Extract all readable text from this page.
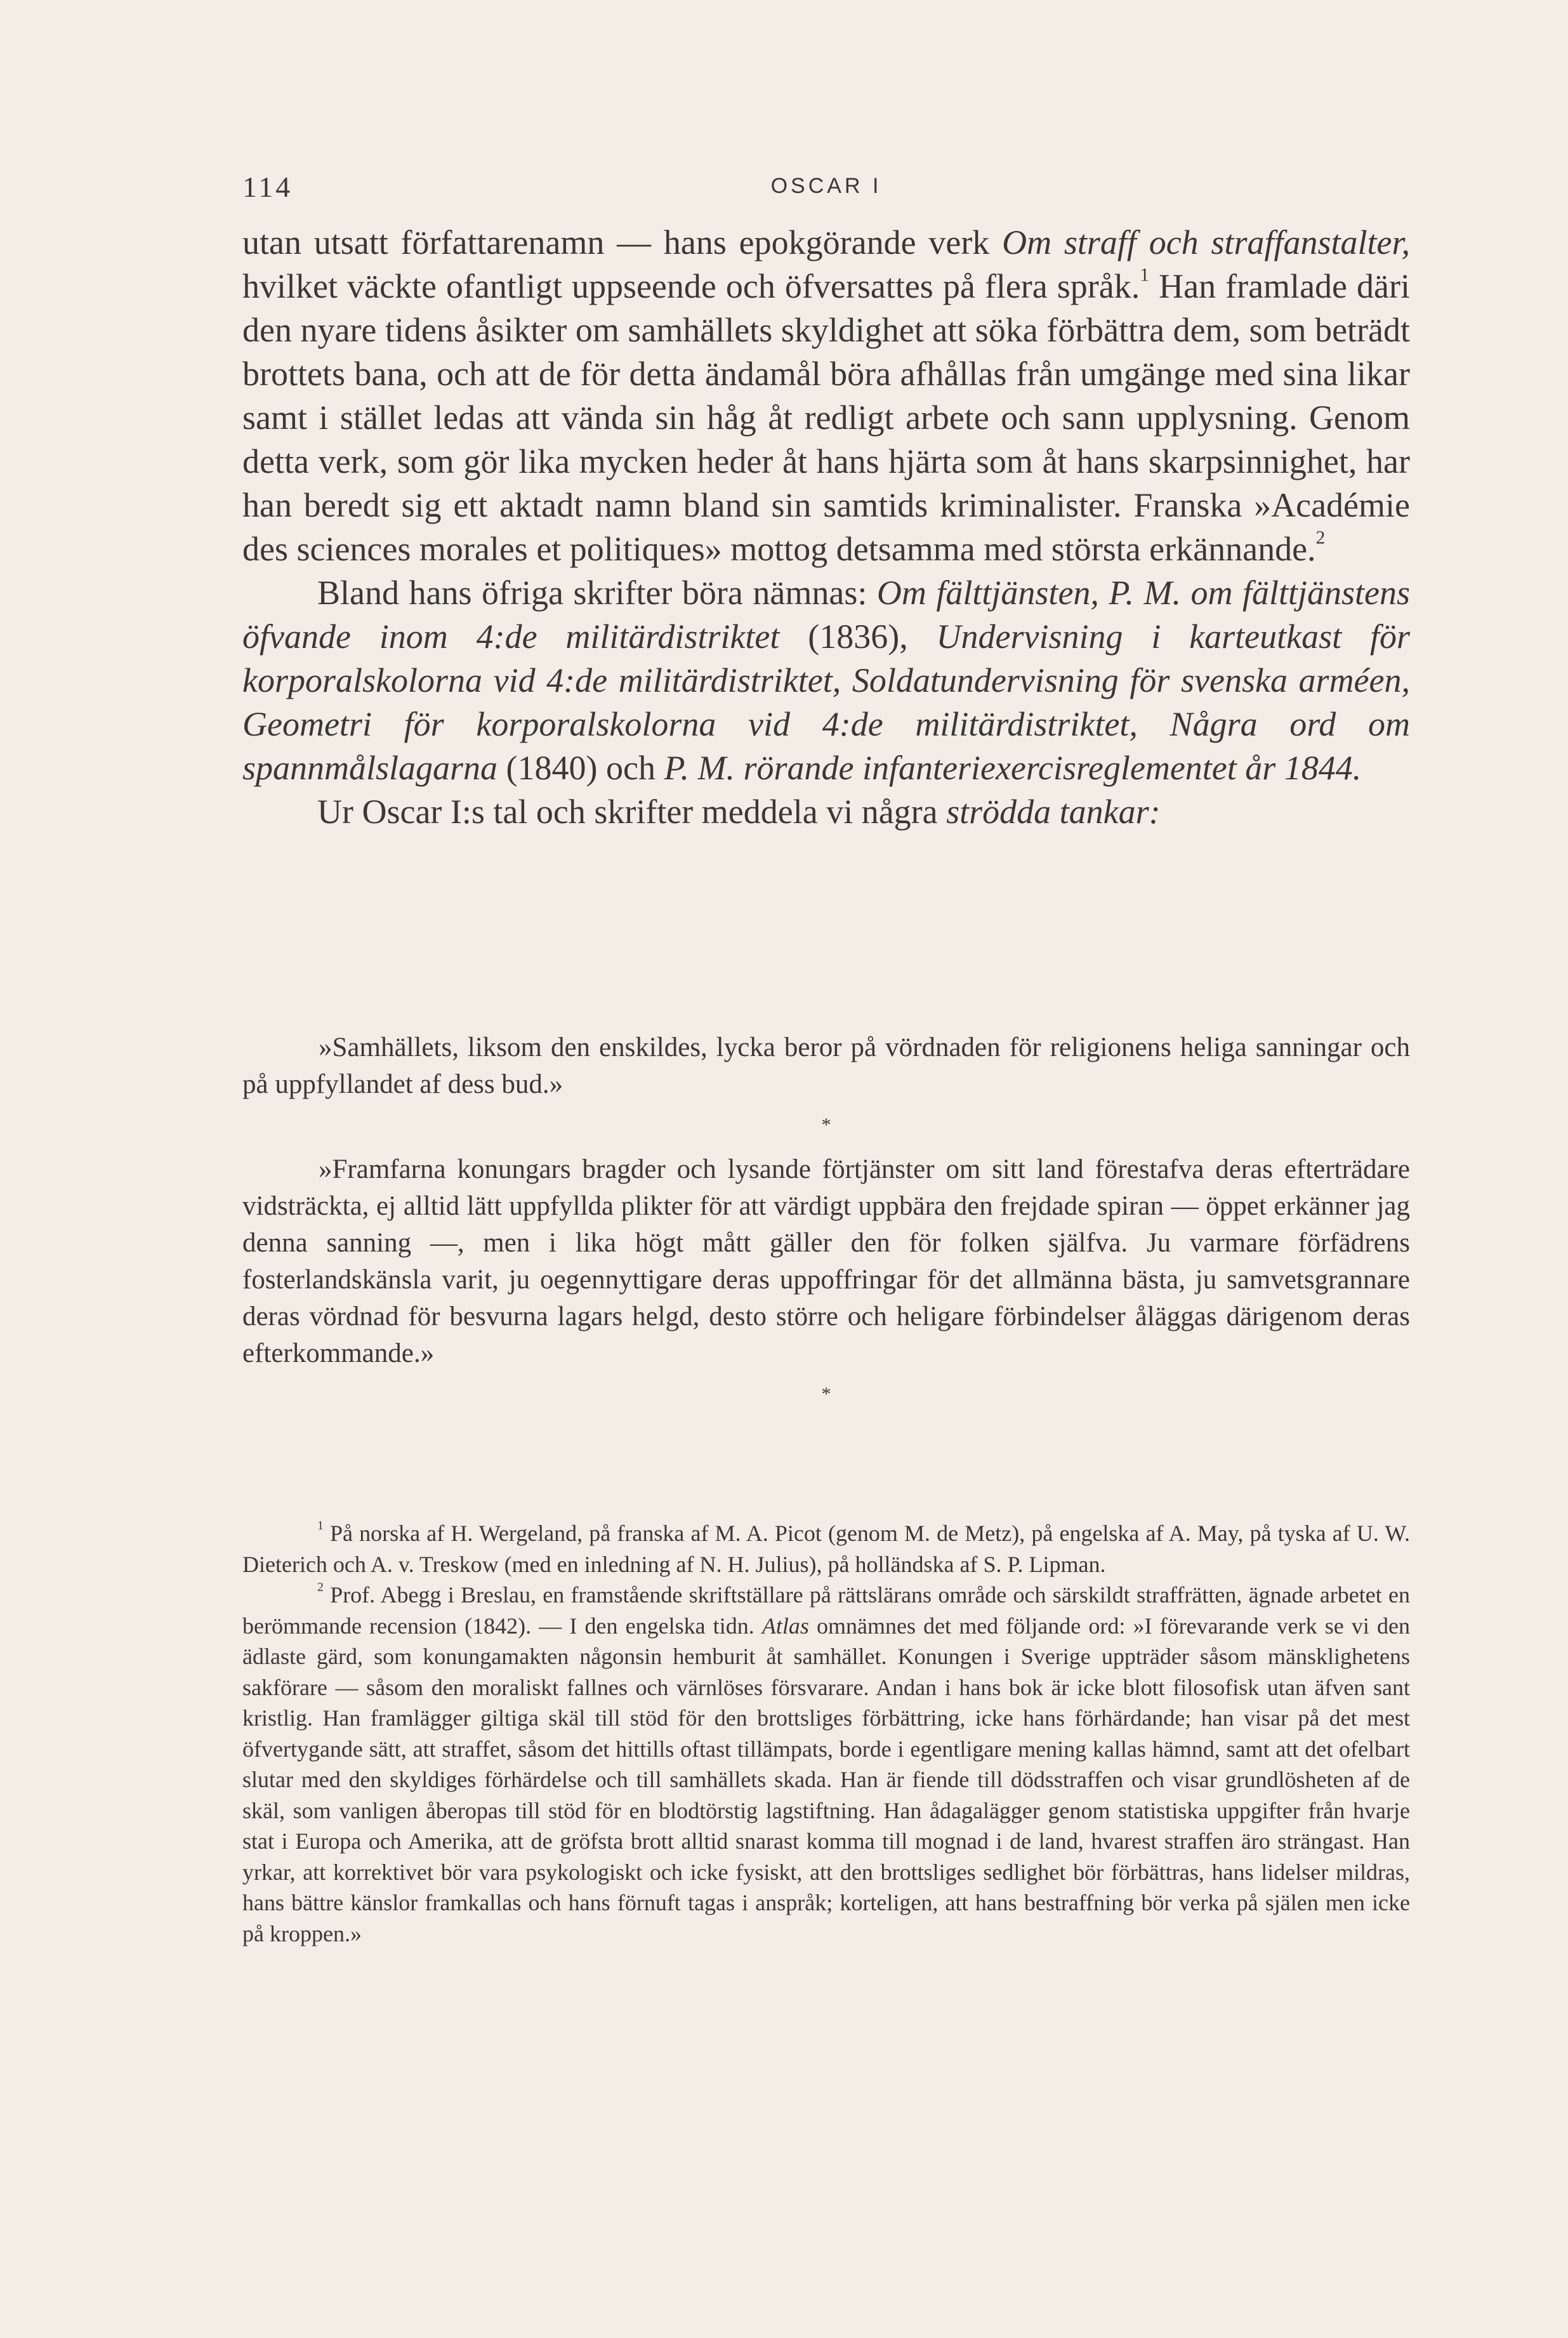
114	OSCAR I

utan utsatt författarenamn — hans epokgörande verk Om straff och straffanstalter, hvilket väckte ofantligt uppseende och öfversattes på flera språk.$^1$ Han framlade däri den nyare tidens åsikter om samhällets skyldighet att söka förbättra dem, som beträdt brottets bana, och att de för detta ändamål böra afhållas från umgänge med sina likar samt i stället ledas att vända sin håg åt redligt arbete och sann upplysning. Genom detta verk, som gör lika mycken heder åt hans hjärta som åt hans skarpsinnighet, har han beredt sig ett aktadt namn bland sin samtids kriminalister. Franska »Académie des sciences morales et politiques» mottog detsamma med största erkännande.$^2$

Bland hans öfriga skrifter böra nämnas: Om fälttjänsten, P. M. om fälttjänstens öfvande inom 4:de militärdistriktet (1836), Undervisning i karteutkast för korporalskolorna vid 4:de militärdistriktet, Soldatundervisning för svenska arméen, Geometri för korporalskolorna vid 4:de militärdistriktet, Några ord om spannmålslagarna (1840) och P. M. rörande infanteriexercisreglementet år 1844.

Ur Oscar I:s tal och skrifter meddela vi några strödda tankar:

»Samhällets, liksom den enskildes, lycka beror på vördnaden för religionens heliga sanningar och på uppfyllandet af dess bud.»

*

»Framfarna konungars bragder och lysande förtjänster om sitt land förestafva deras efterträdare vidsträckta, ej alltid lätt uppfyllda plikter för att värdigt uppbära den frejdade spiran — öppet erkänner jag denna sanning —, men i lika högt mått gäller den för folken själfva. Ju varmare förfädrens fosterlandskänsla varit, ju oegennyttigare deras uppoffringar för det allmänna bästa, ju samvetsgrannare deras vördnad för besvurna lagars helgd, desto större och heligare förbindelser åläggas därigenom deras efterkommande.»

*

$^1$ På norska af H. Wergeland, på franska af M. A. Picot (genom M. de Metz), på engelska af A. May, på tyska af U. W. Dieterich och A. v. Treskow (med en inledning af N. H. Julius), på holländska af S. P. Lipman.

$^2$ Prof. Abegg i Breslau, en framstående skriftställare på rättslärans område och särskildt straffrätten, ägnade arbetet en berömmande recension (1842). — I den engelska tidn. Atlas omnämnes det med följande ord: »I förevarande verk se vi den ädlaste gärd, som konungamakten någonsin hemburit åt samhället. Konungen i Sverige uppträder såsom mänsklighetens sakförare — såsom den moraliskt fallnes och värnlöses försvarare. Andan i hans bok är icke blott filosofisk utan äfven sant kristlig. Han framlägger giltiga skäl till stöd för den brottsliges förbättring, icke hans förhärdande; han visar på det mest öfvertygande sätt, att straffet, såsom det hittills oftast tillämpats, borde i egentligare mening kallas hämnd, samt att det ofelbart slutar med den skyldiges förhärdelse och till samhällets skada. Han är fiende till dödsstraffen och visar grundlösheten af de skäl, som vanligen åberopas till stöd för en blodtörstig lagstiftning. Han ådagalägger genom statistiska uppgifter från hvarje stat i Europa och Amerika, att de gröfsta brott alltid snarast komma till mognad i de land, hvarest straffen äro strängast. Han yrkar, att korrektivet bör vara psykologiskt och icke fysiskt, att den brottsliges sedlighet bör förbättras, hans lidelser mildras, hans bättre känslor framkallas och hans förnuft tagas i anspråk; korteligen, att hans bestraffning bör verka på själen men icke på kroppen.»
